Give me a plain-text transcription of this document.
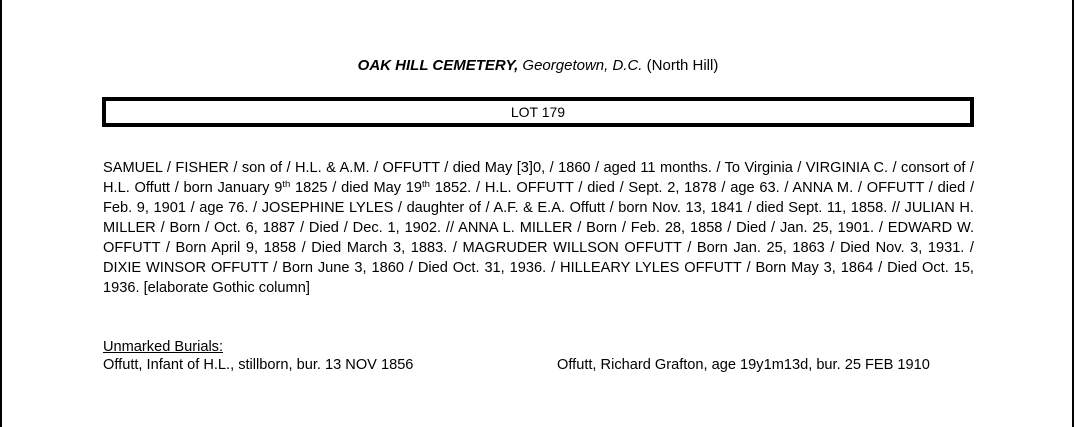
OAK HILL CEMETERY, Georgetown, D.C. (North Hill)
LOT 179

SAMUEL / FISHER / son of / H.L. & A.M. / OFFUTT / died May [3]0, / 1860 / aged 11 months. / To Virginia / VIRGINIA C. / consort of / H.L. Offutt / born January 9th 1825 / died May 19th 1852. / H.L. OFFUTT / died / Sept. 2, 1878 / age 63. / ANNA M. / OFFUTT / died / Feb. 9, 1901 / age 76. / JOSEPHINE LYLES / daughter of / A.F. & E.A. Offutt / born Nov. 13, 1841 / died Sept. 11, 1858. // JULIAN H. MILLER / Born / Oct. 6, 1887 / Died / Dec. 1, 1902. // ANNA L. MILLER / Born / Feb. 28, 1858 / Died / Jan. 25, 1901. / EDWARD W. OFFUTT / Born April 9, 1858 / Died March 3, 1883. / MAGRUDER WILLSON OFFUTT / Born Jan. 25, 1863 / Died Nov. 3, 1931. / DIXIE WINSOR OFFUTT / Born June 3, 1860 / Died Oct. 31, 1936. / HILLEARY LYLES OFFUTT / Born May 3, 1864 / Died Oct. 15, 1936. [elaborate Gothic column]

Unmarked Burials:
Offutt, Infant of H.L., stillborn, bur. 13 NOV 1856	Offutt, Richard Grafton, age 19y1m13d, bur. 25 FEB 1910
